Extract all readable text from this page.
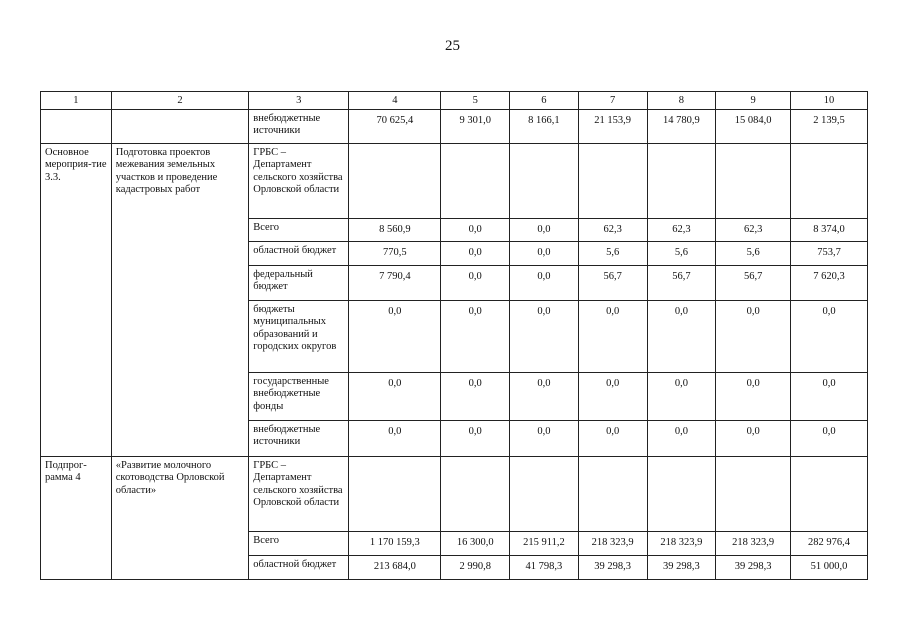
25
1	2	3	4	5	6	7	8	9	10
		внебюджетные источники	70 625,4	9 301,0	8 166,1	21 153,9	14 780,9	15 084,0	2 139,5
Основное мероприя-тие 3.3.	Подготовка проектов межевания земельных участков и проведение кадастровых работ	ГРБС – Департамент сельского хозяйства Орловской области							
		Всего	8 560,9	0,0	0,0	62,3	62,3	62,3	8 374,0
		областной бюджет	770,5	0,0	0,0	5,6	5,6	5,6	753,7
		федеральный бюджет	7 790,4	0,0	0,0	56,7	56,7	56,7	7 620,3
		бюджеты муниципальных образований и городских округов	0,0	0,0	0,0	0,0	0,0	0,0	0,0
		государственные внебюджетные фонды	0,0	0,0	0,0	0,0	0,0	0,0	0,0
		внебюджетные источники	0,0	0,0	0,0	0,0	0,0	0,0	0,0
Подпрог-рамма 4	«Развитие молочного скотоводства Орловской области»	ГРБС – Департамент сельского хозяйства Орловской области							
		Всего	1 170 159,3	16 300,0	215 911,2	218 323,9	218 323,9	218 323,9	282 976,4
		областной бюджет	213 684,0	2 990,8	41 798,3	39 298,3	39 298,3	39 298,3	51 000,0
